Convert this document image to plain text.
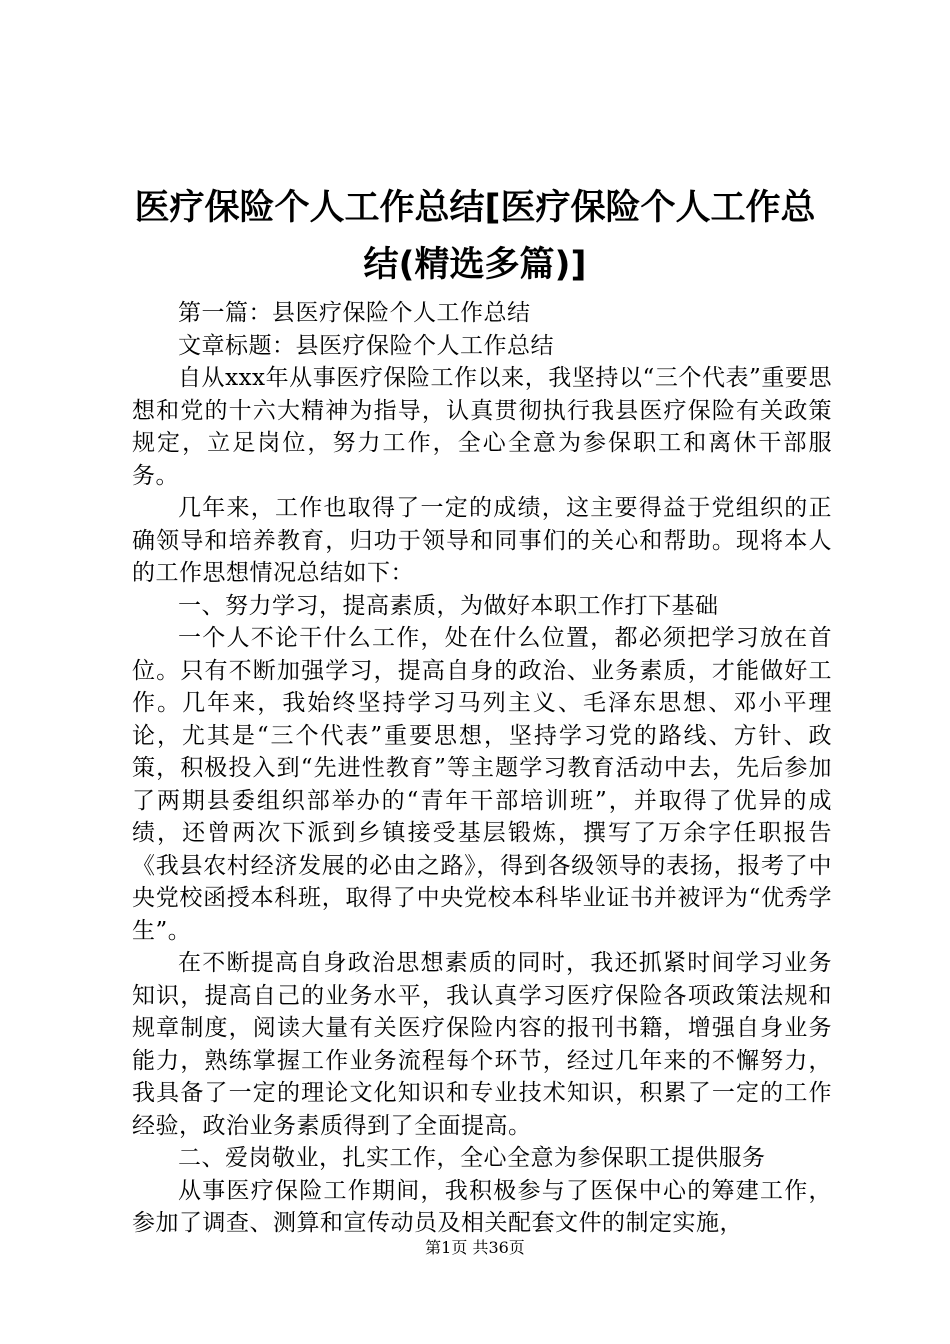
医疗保险个人工作总结[医疗保险个人工作总结(精选多篇)]

第一篇：县医疗保险个人工作总结

文章标题：县医疗保险个人工作总结

自从xxx年从事医疗保险工作以来，我坚持以“三个代表”重要思想和党的十六大精神为指导，认真贯彻执行我县医疗保险有关政策规定，立足岗位，努力工作，全心全意为参保职工和离休干部服务。

几年来，工作也取得了一定的成绩，这主要得益于党组织的正确领导和培养教育，归功于领导和同事们的关心和帮助。现将本人的工作思想情况总结如下：

一、努力学习，提高素质，为做好本职工作打下基础

一个人不论干什么工作，处在什么位置，都必须把学习放在首位。只有不断加强学习，提高自身的政治、业务素质，才能做好工作。几年来，我始终坚持学习马列主义、毛泽东思想、邓小平理论，尤其是“三个代表”重要思想，坚持学习党的路线、方针、政策，积极投入到“先进性教育”等主题学习教育活动中去，先后参加了两期县委组织部举办的“青年干部培训班”，并取得了优异的成绩，还曾两次下派到乡镇接受基层锻炼，撰写了万余字任职报告《我县农村经济发展的必由之路》，得到各级领导的表扬，报考了中央党校函授本科班，取得了中央党校本科毕业证书并被评为“优秀学生”。

在不断提高自身政治思想素质的同时，我还抓紧时间学习业务知识，提高自己的业务水平，我认真学习医疗保险各项政策法规和规章制度，阅读大量有关医疗保险内容的报刊书籍，增强自身业务能力，熟练掌握工作业务流程每个环节，经过几年来的不懈努力，我具备了一定的理论文化知识和专业技术知识，积累了一定的工作经验，政治业务素质得到了全面提高。

二、爱岗敬业，扎实工作，全心全意为参保职工提供服务

从事医疗保险工作期间，我积极参与了医保中心的筹建工作，参加了调查、测算和宣传动员及相关配套文件的制定实施，

第1页 共36页
